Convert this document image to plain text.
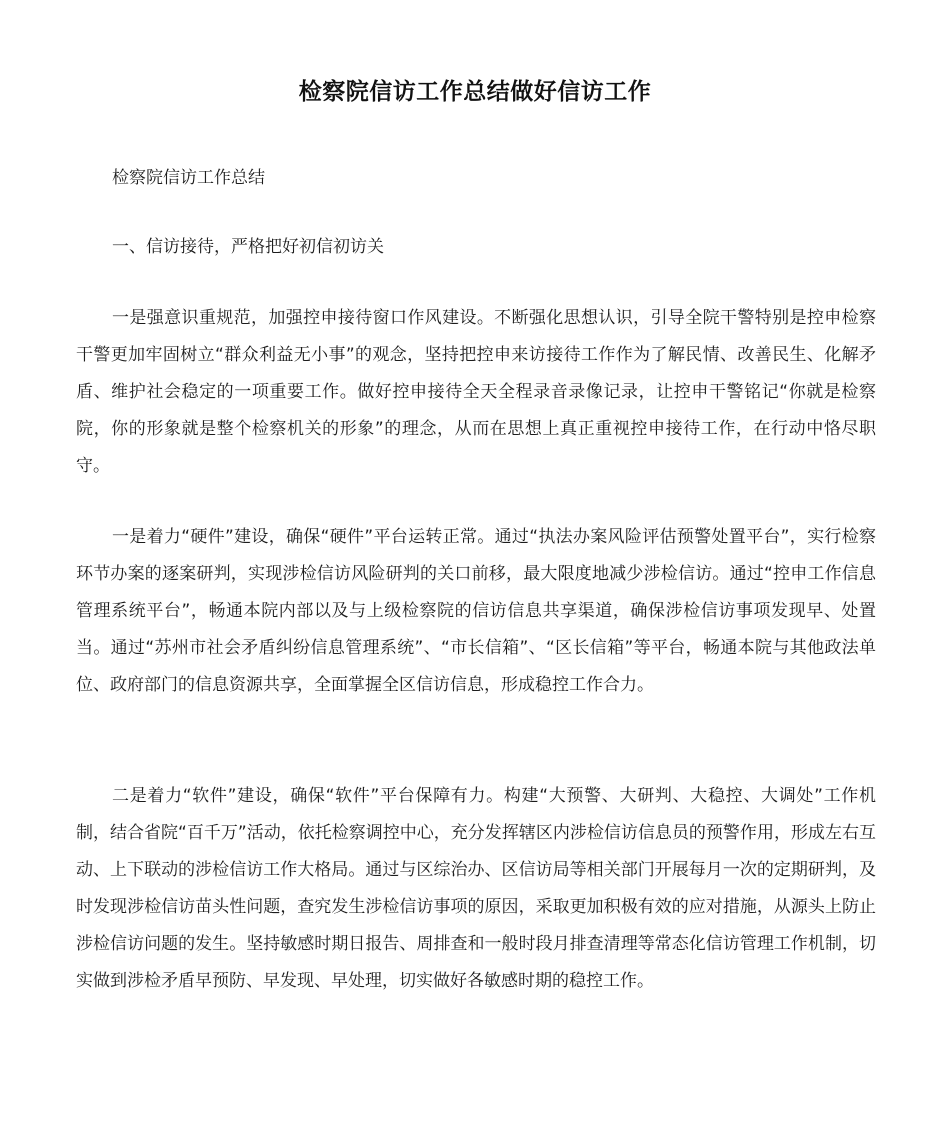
检察院信访工作总结做好信访工作

检察院信访工作总结

一、信访接待，严格把好初信初访关

一是强意识重规范，加强控申接待窗口作风建设。不断强化思想认识，引导全院干警特别是控申检察干警更加牢固树立“群众利益无小事”的观念，坚持把控申来访接待工作作为了解民情、改善民生、化解矛盾、维护社会稳定的一项重要工作。做好控申接待全天全程录音录像记录，让控申干警铭记“你就是检察院，你的形象就是整个检察机关的形象”的理念，从而在思想上真正重视控申接待工作，在行动中恪尽职守。

一是着力“硬件”建设，确保“硬件”平台运转正常。通过“执法办案风险评估预警处置平台”，实行检察环节办案的逐案研判，实现涉检信访风险研判的关口前移，最大限度地减少涉检信访。通过“控申工作信息管理系统平台”，畅通本院内部以及与上级检察院的信访信息共享渠道，确保涉检信访事项发现早、处置当。通过“苏州市社会矛盾纠纷信息管理系统”、“市长信箱”、“区长信箱”等平台，畅通本院与其他政法单位、政府部门的信息资源共享，全面掌握全区信访信息，形成稳控工作合力。

二是着力“软件”建设，确保“软件”平台保障有力。构建“大预警、大研判、大稳控、大调处”工作机制，结合省院“百千万”活动，依托检察调控中心，充分发挥辖区内涉检信访信息员的预警作用，形成左右互动、上下联动的涉检信访工作大格局。通过与区综治办、区信访局等相关部门开展每月一次的定期研判，及时发现涉检信访苗头性问题，查究发生涉检信访事项的原因，采取更加积极有效的应对措施，从源头上防止涉检信访问题的发生。坚持敏感时期日报告、周排查和一般时段月排查清理等常态化信访管理工作机制，切实做到涉检矛盾早预防、早发现、早处理，切实做好各敏感时期的稳控工作。
